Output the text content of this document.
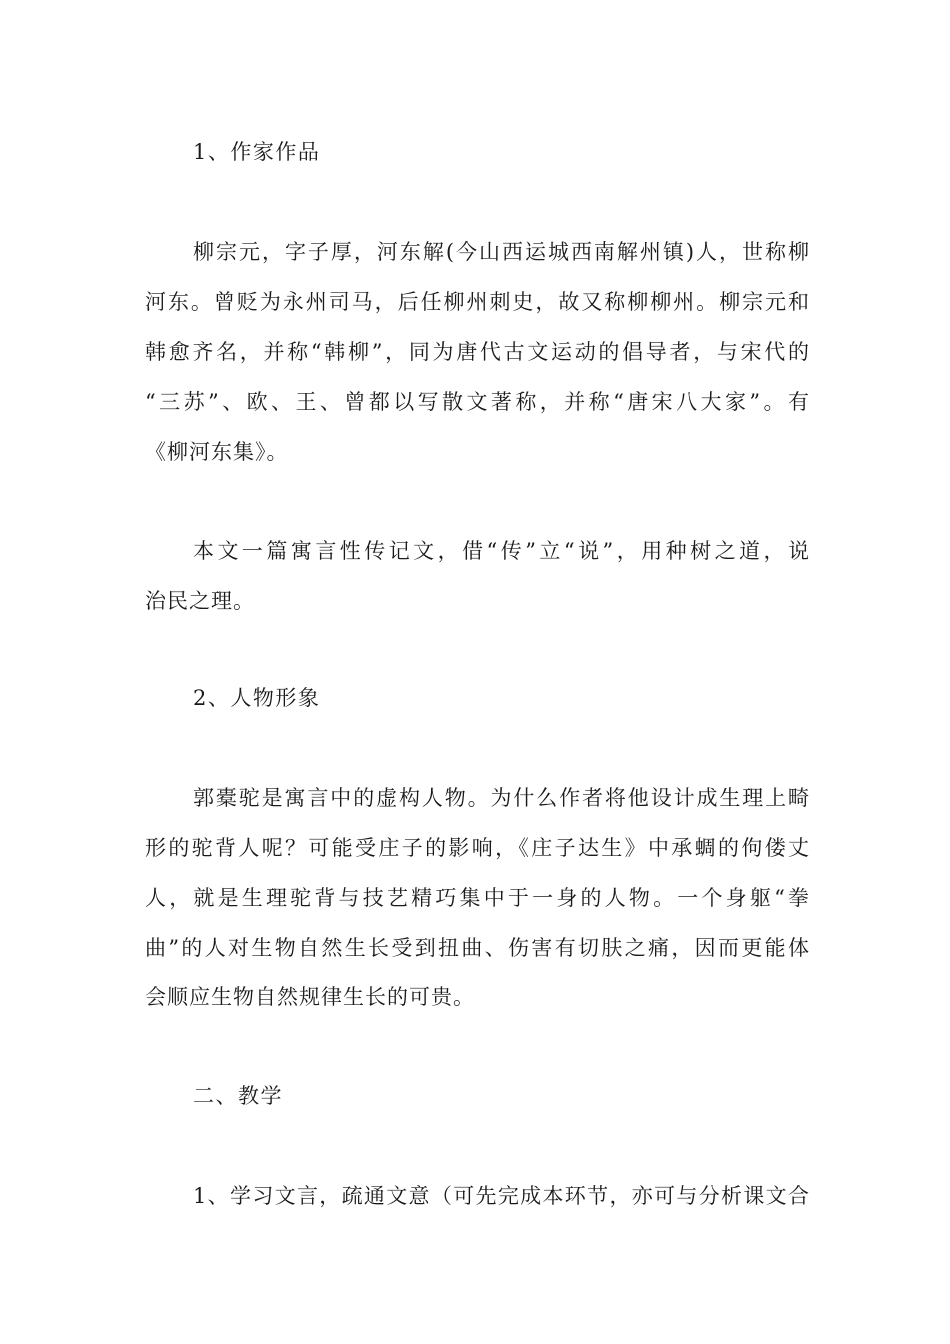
1、作家作品
柳宗元，字子厚，河东解(今山西运城西南解州镇)人，世称柳
河东。曾贬为永州司马，后任柳州刺史，故又称柳柳州。柳宗元和
韩愈齐名，并称“韩柳”，同为唐代古文运动的倡导者，与宋代的
“三苏”、欧、王、曾都以写散文著称，并称“唐宋八大家”。有
《柳河东集》。
本文一篇寓言性传记文，借“传”立“说”，用种树之道，说
治民之理。
2、人物形象
郭橐驼是寓言中的虚构人物。为什么作者将他设计成生理上畸
形的驼背人呢？可能受庄子的影响，《庄子达生》中承蜩的佝偻丈
人，就是生理驼背与技艺精巧集中于一身的人物。一个身躯“拳
曲”的人对生物自然生长受到扭曲、伤害有切肤之痛，因而更能体
会顺应生物自然规律生长的可贵。
二、教学
1、学习文言，疏通文意（可先完成本环节，亦可与分析课文合
